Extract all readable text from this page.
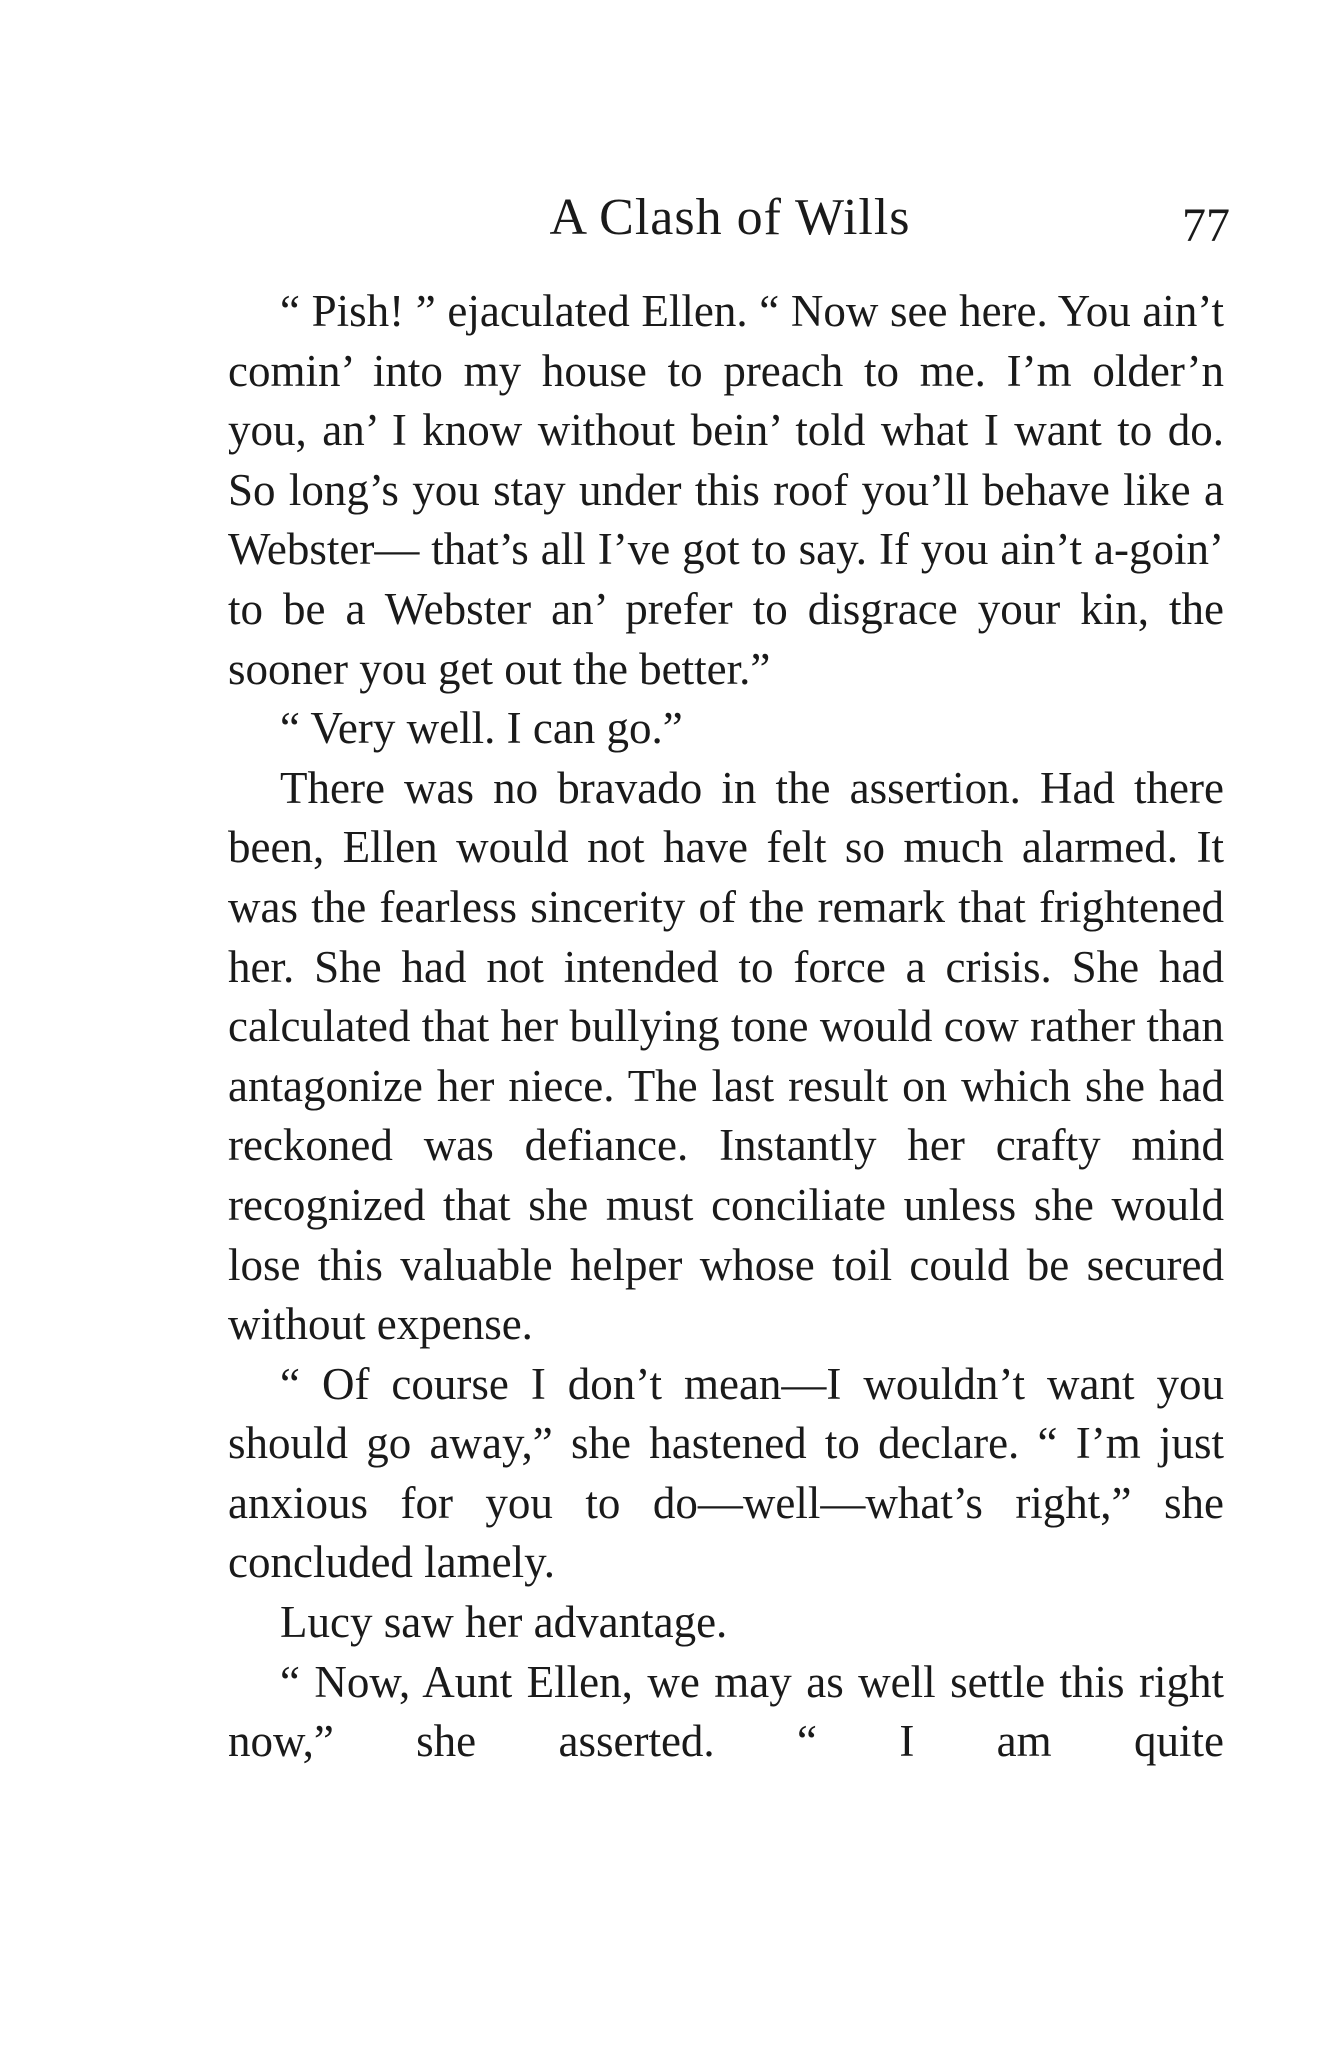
A Clash of Wills	77

“ Pish! ” ejaculated Ellen. “ Now see here. You ain’t comin’ into my house to preach to me. I’m older’n you, an’ I know without bein’ told what I want to do. So long’s you stay under this roof you’ll behave like a Webster— that’s all I’ve got to say. If you ain’t a-goin’ to be a Webster an’ prefer to disgrace your kin, the sooner you get out the better.”

“ Very well. I can go.”

There was no bravado in the assertion. Had there been, Ellen would not have felt so much alarmed. It was the fearless sincerity of the remark that frightened her. She had not intended to force a crisis. She had calculated that her bullying tone would cow rather than antagonize her niece. The last result on which she had reckoned was defiance. Instantly her crafty mind recognized that she must conciliate unless she would lose this valuable helper whose toil could be secured without expense.

“ Of course I don’t mean—I wouldn’t want you should go away,” she hastened to declare. “ I’m just anxious for you to do—well—what’s right,” she concluded lamely.

Lucy saw her advantage.

“ Now, Aunt Ellen, we may as well settle this right now,” she asserted. “ I am quite
